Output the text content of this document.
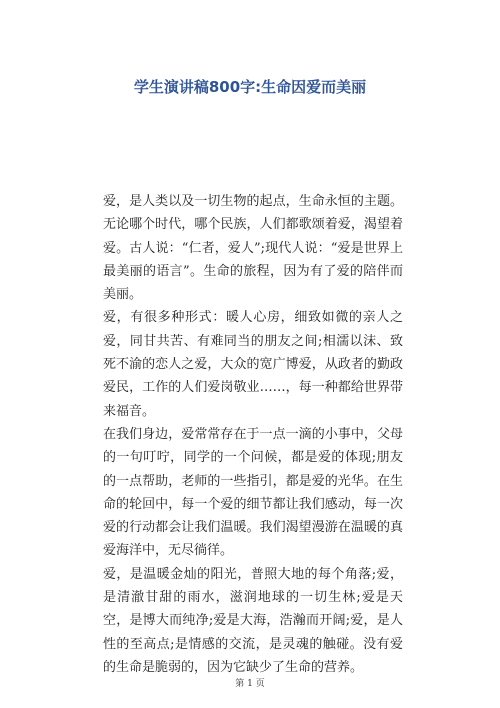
学生演讲稿800字:生命因爱而美丽

爱，是人类以及一切生物的起点，生命永恒的主题。无论哪个时代，哪个民族，人们都歌颂着爱，渴望着爱。古人说：“仁者，爱人”;现代人说：“爱是世界上最美丽的语言”。生命的旅程，因为有了爱的陪伴而美丽。

爱，有很多种形式：暖人心房，细致如微的亲人之爱，同甘共苦、有难同当的朋友之间;相濡以沫、致死不渝的恋人之爱，大众的宽广博爱，从政者的勤政爱民，工作的人们爱岗敬业……，每一种都给世界带来福音。

在我们身边，爱常常存在于一点一滴的小事中，父母的一句叮咛，同学的一个问候，都是爱的体现;朋友的一点帮助，老师的一些指引，都是爱的光华。在生命的轮回中，每一个爱的细节都让我们感动，每一次爱的行动都会让我们温暖。我们渴望漫游在温暖的真爱海洋中，无尽徜徉。

爱，是温暖金灿的阳光，普照大地的每个角落;爱，是清澈甘甜的雨水，滋润地球的一切生林;爱是天空，是博大而纯净;爱是大海，浩瀚而开阔;爱，是人性的至高点;是情感的交流，是灵魂的触碰。没有爱的生命是脆弱的，因为它缺少了生命的营养。

第 1 页
